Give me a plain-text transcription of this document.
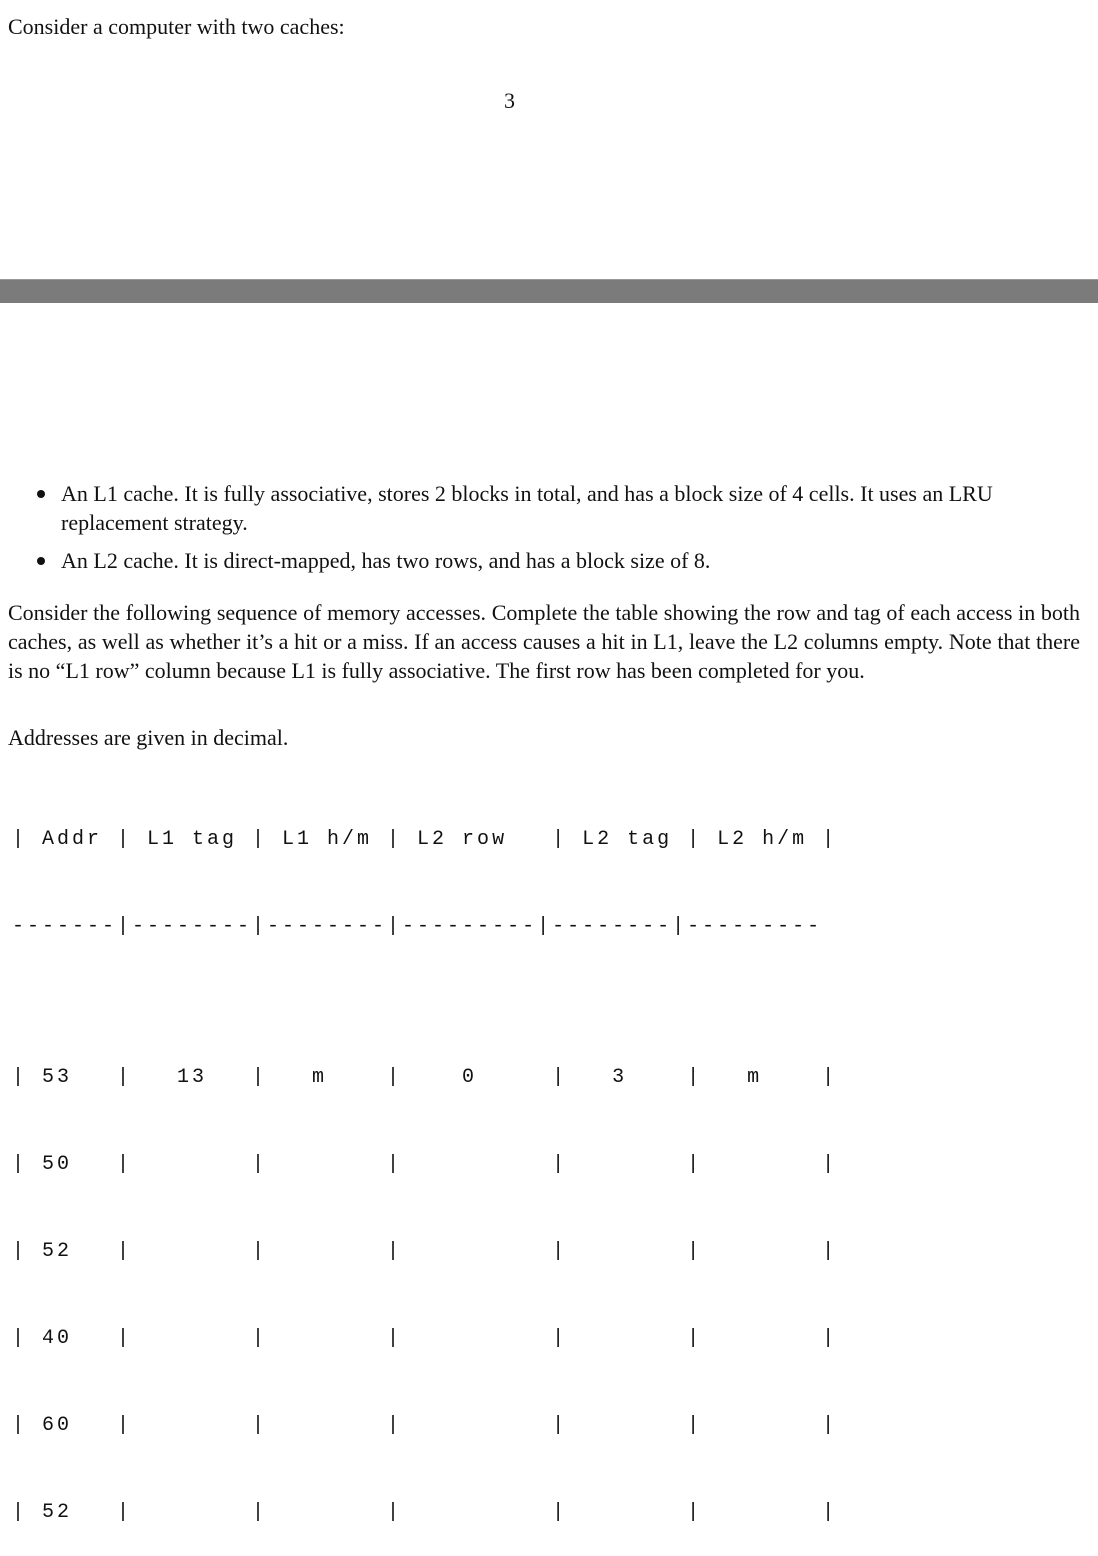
Consider a computer with two caches:
3
An L1 cache. It is fully associative, stores 2 blocks in total, and has a block size of 4 cells. It uses an LRU replacement strategy.
An L2 cache. It is direct-mapped, has two rows, and has a block size of 8.
Consider the following sequence of memory accesses. Complete the table showing the row and tag of each access in both caches, as well as whether it’s a hit or a miss. If an access causes a hit in L1, leave the L2 columns empty. Note that there is no “L1 row” column because L1 is fully associative. The first row has been completed for you.
Addresses are given in decimal.

| Addr | L1 tag | L1 h/m | L2 row   | L2 tag | L2 h/m |

-------|--------|--------|---------|--------|---------

| 53   |   13   |   m    |    0     |   3    |   m    |

| 50   |        |        |          |        |        |

| 52   |        |        |          |        |        |

| 40   |        |        |          |        |        |

| 60   |        |        |          |        |        |

| 52   |        |        |          |        |        |
